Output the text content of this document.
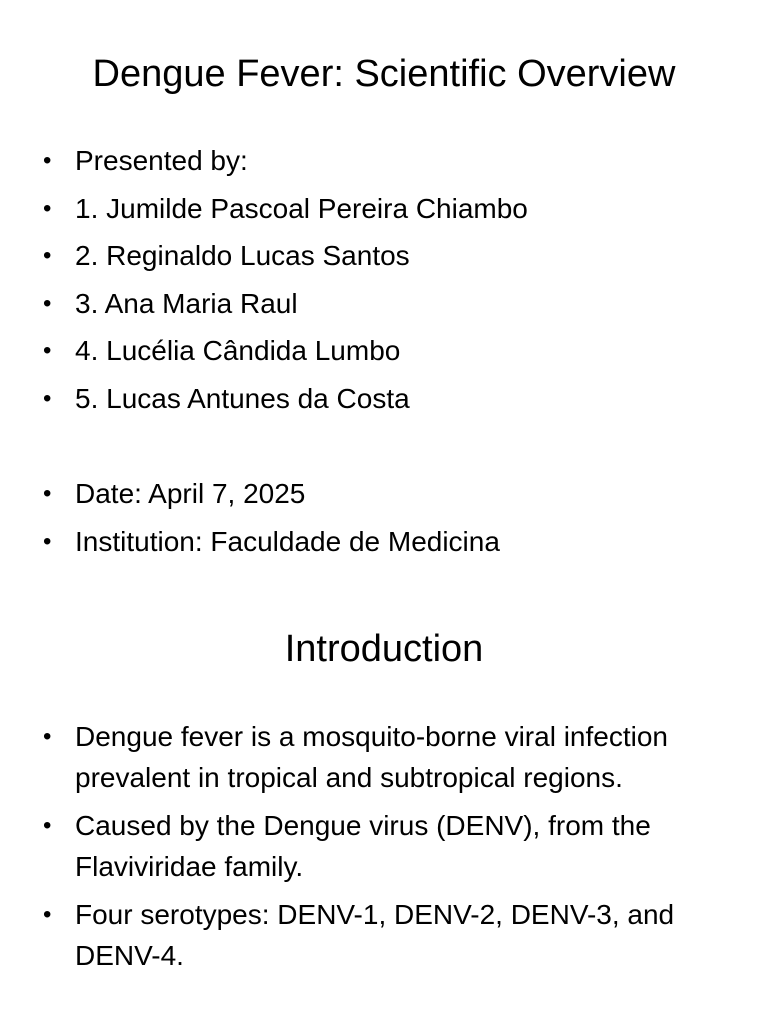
Dengue Fever: Scientific Overview
• Presented by:
• 1. Jumilde Pascoal Pereira Chiambo
• 2. Reginaldo Lucas Santos
• 3. Ana Maria Raul
• 4. Lucélia Cândida Lumbo
• 5. Lucas Antunes da Costa
• Date: April 7, 2025
• Institution: Faculdade de Medicina
Introduction
• Dengue fever is a mosquito-borne viral infection prevalent in tropical and subtropical regions.
• Caused by the Dengue virus (DENV), from the Flaviviridae family.
• Four serotypes: DENV-1, DENV-2, DENV-3, and DENV-4.
